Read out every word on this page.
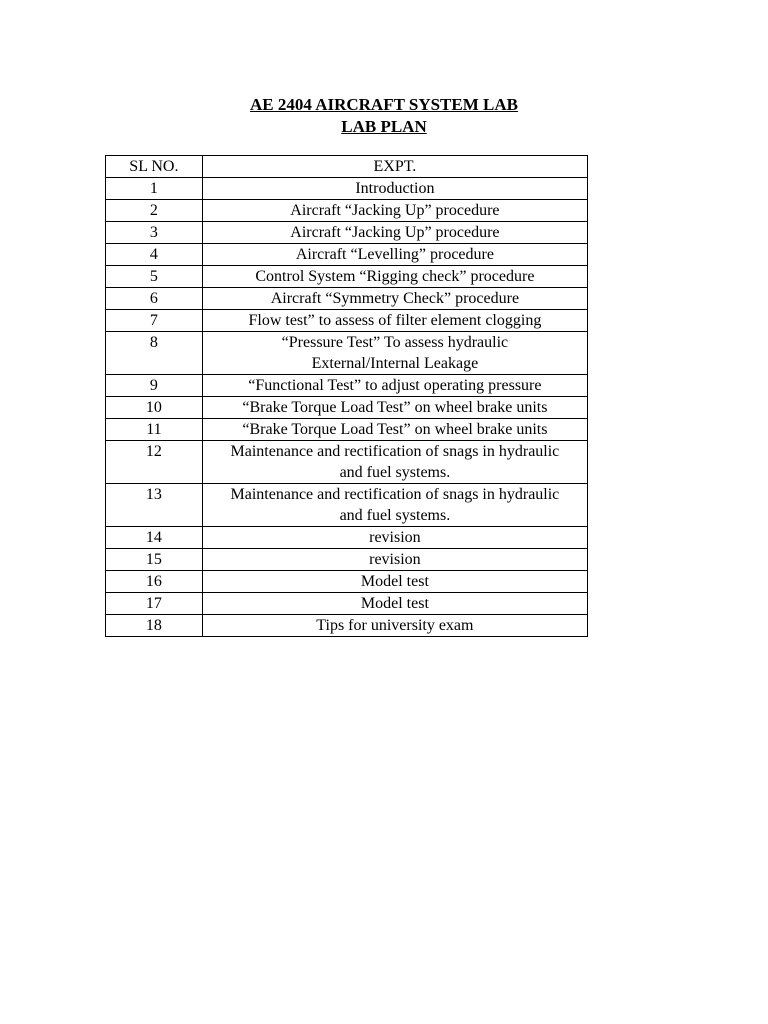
AE 2404 AIRCRAFT SYSTEM LAB
LAB PLAN
SL NO.	EXPT.
1	Introduction

2	Aircraft “Jacking Up” procedure

3	Aircraft “Jacking Up” procedure

4	Aircraft “Levelling” procedure

5	Control System “Rigging check” procedure

6	Aircraft “Symmetry Check” procedure

7	Flow test” to assess of filter element clogging

8	“Pressure Test” To assess hydraulic
External/Internal Leakage

9	“Functional Test” to adjust operating pressure

10	“Brake Torque Load Test” on wheel brake units

11	“Brake Torque Load Test” on wheel brake units

12	Maintenance and rectification of snags in hydraulic
and fuel systems.

13	Maintenance and rectification of snags in hydraulic
and fuel systems.

14	revision

15	revision

16	Model test

17	Model test

18	Tips for university exam
